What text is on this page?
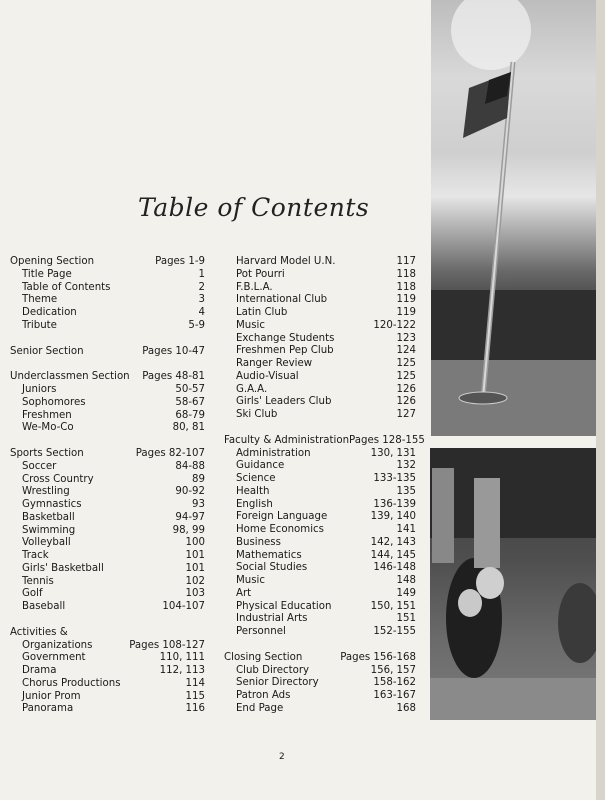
Table of Contents
Opening Section	Pages 1-9
Title Page	1
Table of Contents	2
Theme	3
Dedication	4
Tribute	5-9
Senior Section	Pages 10-47
Underclassmen Section Pages 48-81
Juniors	50-57
Sophomores	58-67
Freshmen	68-79
We-Mo-Co	80, 81
Sports Section	Pages 82-107
Soccer	84-88
Cross Country	89
Wrestling	90-92
Gymnastics	93
Basketball	94-97
Swimming	98, 99
Volleyball	100
Track	101
Girls' Basketball	101
Tennis	102
Golf	103
Baseball	104-107
Activities &
Organizations	Pages 108-127
Government	110, 111
Drama	112, 113
Chorus Productions	114
Junior Prom	115
Panorama	116
Harvard Model U.N.	117
Pot Pourri	118
F.B.L.A.	118
International Club	119
Latin Club	119
Music	120-122
Exchange Students	123
Freshmen Pep Club	124
Ranger Review	125
Audio-Visual	125
G.A.A.	126
Girls' Leaders Club	126
Ski Club	127
Faculty & Administration Pages 128-155
Administration	130, 131
Guidance	132
Science	133-135
Health	135
English	136-139
Foreign Language	139, 140
Home Economics	141
Business	142, 143
Mathematics	144, 145
Social Studies	146-148
Music	148
Art	149
Physical Education	150, 151
Industrial Arts	151
Personnel	152-155
Closing Section	Pages 156-168
Club Directory	156, 157
Senior Directory	158-162
Patron Ads	163-167
End Page	168
2
